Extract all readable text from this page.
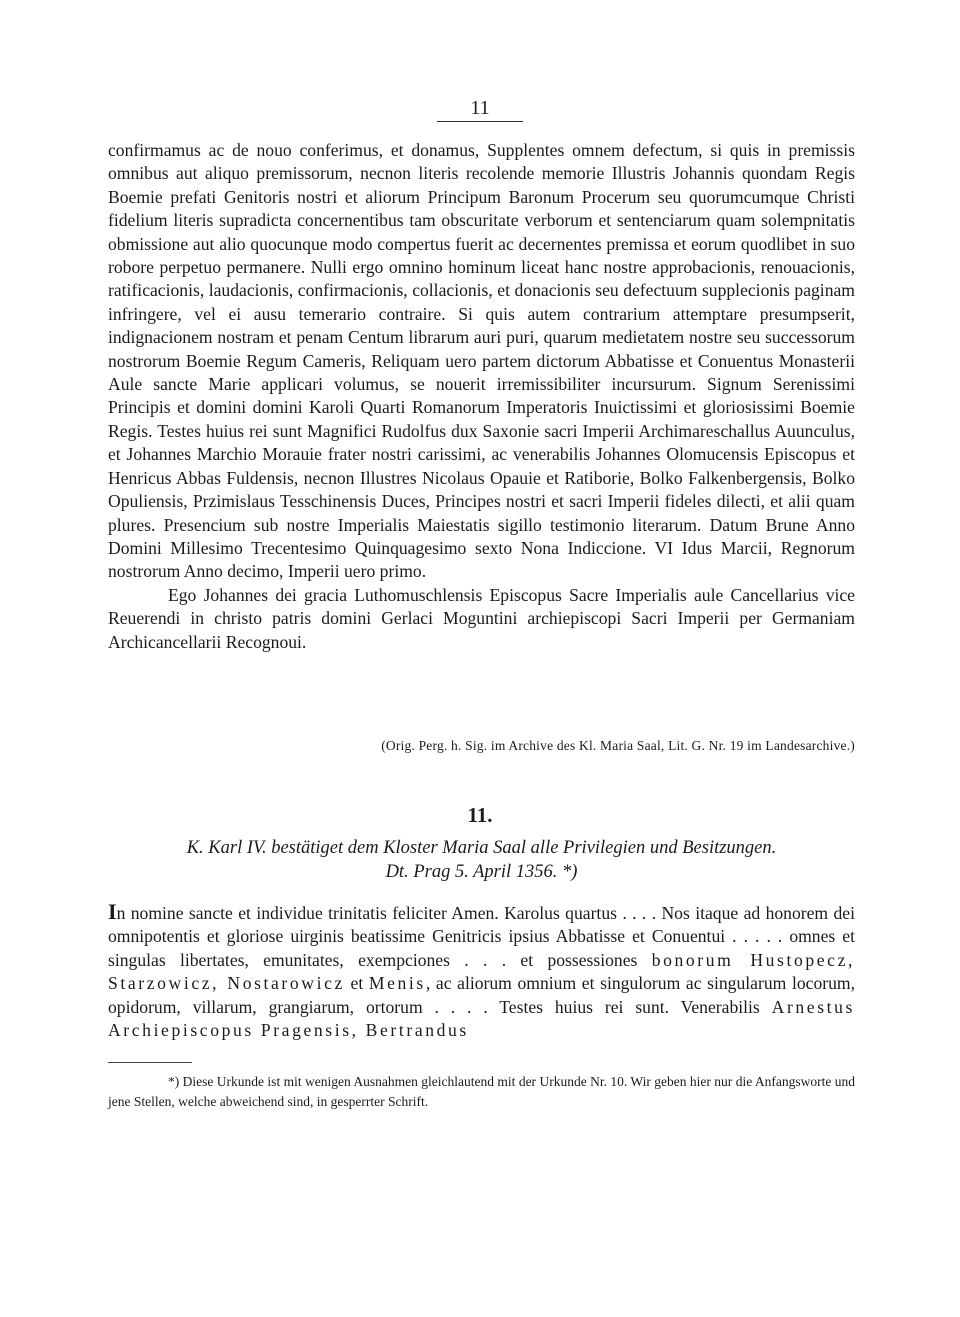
11

confirmamus ac de nouo conferimus, et donamus, Supplentes omnem defectum, si quis in premissis omnibus aut aliquo premissorum, necnon literis recolende memorie Illustris Johannis quondam Regis Boemie prefati Genitoris nostri et aliorum Principum Baronum Procerum seu quorumcumque Christi fidelium literis supradicta concernentibus tam obscuritate verborum et sentenciarum quam solempnitatis obmissione aut alio quocunque modo compertus fuerit ac decernentes premissa et eorum quodlibet in suo robore perpetuo permanere. Nulli ergo omnino hominum liceat hanc nostre approbacionis, renouacionis, ratificacionis, laudacionis, confirmacionis, collacionis, et donacionis seu defectuum supplecionis paginam infringere, vel ei ausu temerario contraire. Si quis autem contrarium attemptare presumpserit, indignacionem nostram et penam Centum librarum auri puri, quarum medietatem nostre seu successorum nostrorum Boemie Regum Cameris, Reliquam uero partem dictorum Abbatisse et Conuentus Monasterii Aule sancte Marie applicari volumus, se nouerit irremissibiliter incursurum. Signum Serenissimi Principis et domini domini Karoli Quarti Romanorum Imperatoris Inuictissimi et gloriosissimi Boemie Regis. Testes huius rei sunt Magnifici Rudolfus dux Saxonie sacri Imperii Archimareschallus Auunculus, et Johannes Marchio Morauie frater nostri carissimi, ac venerabilis Johannes Olomucensis Episcopus et Henricus Abbas Fuldensis, necnon Illustres Nicolaus Opauie et Ratiborie, Bolko Falkenbergensis, Bolko Opuliensis, Przimislaus Tesschinensis Duces, Principes nostri et sacri Imperii fideles dilecti, et alii quam plures. Presencium sub nostre Imperialis Maiestatis sigillo testimonio literarum. Datum Brune Anno Domini Millesimo Trecentesimo Quinquagesimo sexto Nona Indiccione. VI Idus Marcii, Regnorum nostrorum Anno decimo, Imperii uero primo.

Ego Johannes dei gracia Luthomuschlensis Episcopus Sacre Imperialis aule Cancellarius vice Reuerendi in christo patris domini Gerlaci Moguntini archiepiscopi Sacri Imperii per Germaniam Archicancellarii Recognoui.

(Orig. Perg. h. Sig. im Archive des Kl. Maria Saal, Lit. G. Nr. 19 im Landesarchive.)
11.
K. Karl IV. bestätiget dem Kloster Maria Saal alle Privilegien und Besitzungen.
Dt. Prag 5. April 1356. *)

In nomine sancte et individue trinitatis feliciter Amen. Karolus quartus . . . . Nos itaque ad honorem dei omnipotentis et gloriose uirginis beatissime Genitricis ipsius Abbatisse et Conuentui . . . . . omnes et singulas libertates, emunitates, exempciones . . . et possessiones bonorum Hustopecz, Starzowicz, Nostarowicz et Menis, ac aliorum omnium et singulorum ac singularum locorum, opidorum, villarum, grangiarum, ortorum . . . . Testes huius rei sunt. Venerabilis Arnestus Archiepiscopus Pragensis, Bertrandus

*) Diese Urkunde ist mit wenigen Ausnahmen gleichlautend mit der Urkunde Nr. 10. Wir geben hier nur die Anfangsworte und jene Stellen, welche abweichend sind, in gesperrter Schrift.
